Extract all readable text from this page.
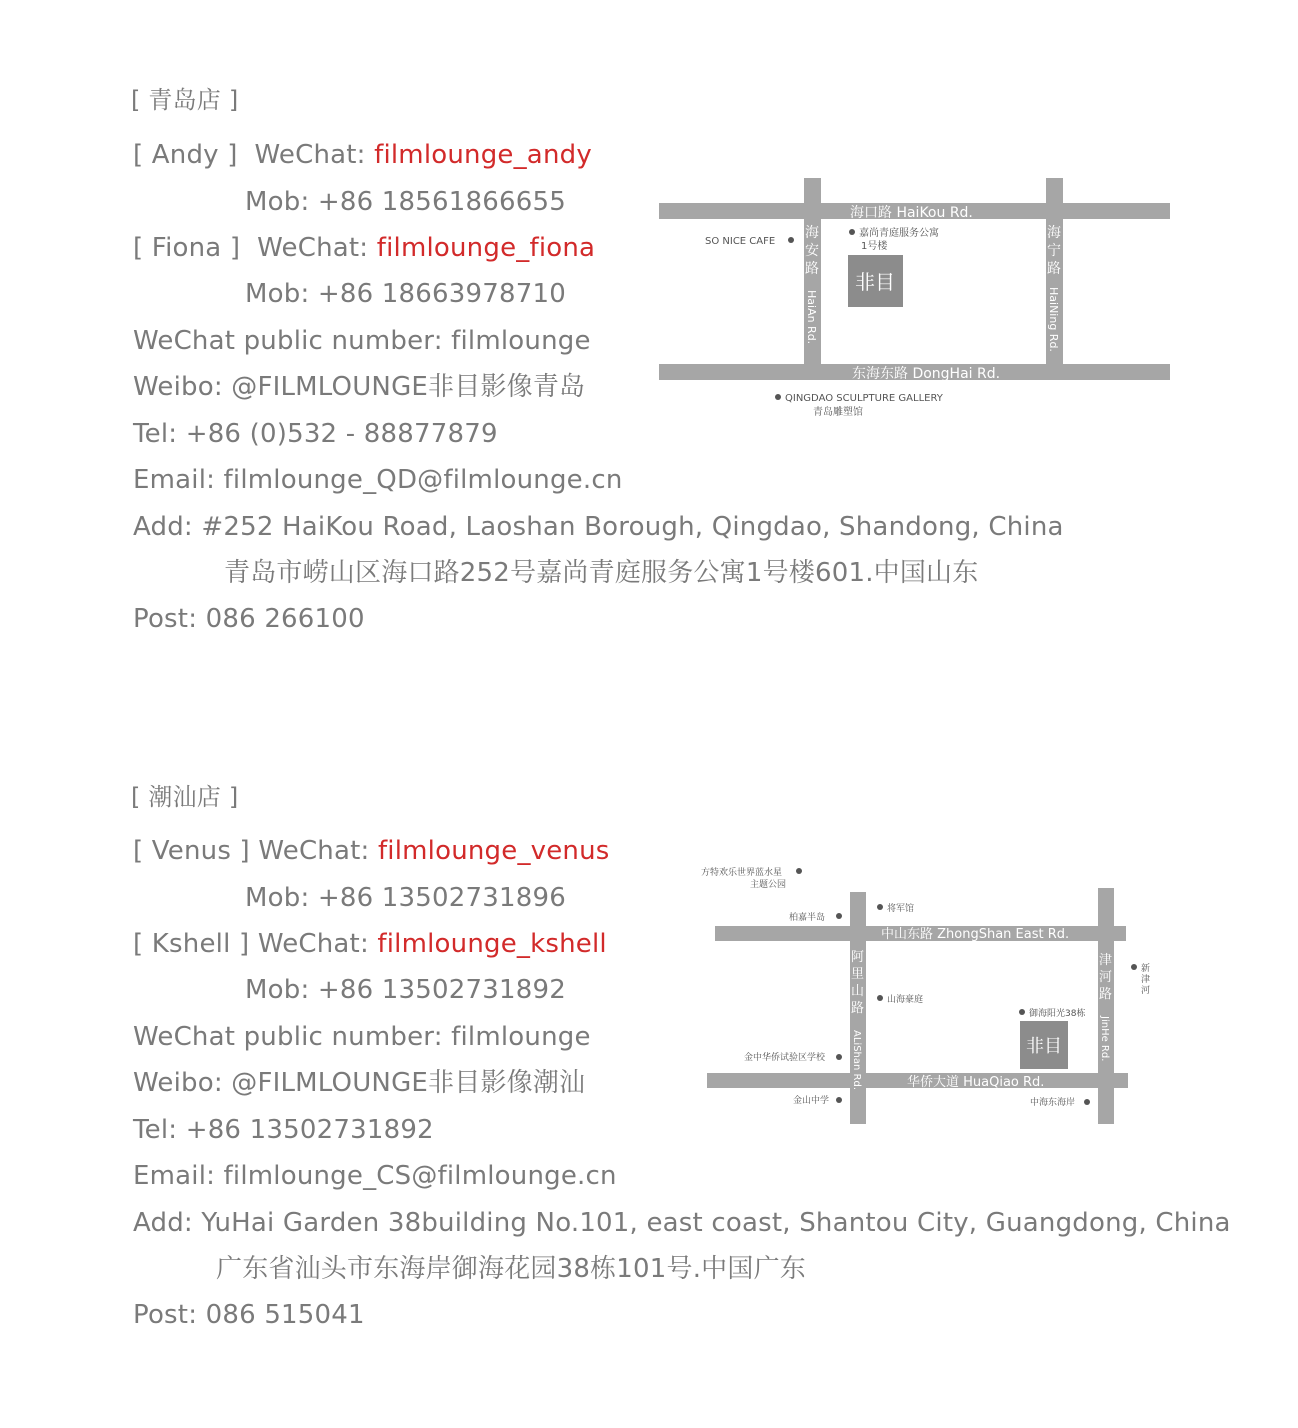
[ 青岛店 ]
[ Andy ] WeChat: filmlounge_andy
Mob: +86 18561866655
[ Fiona ] WeChat: filmlounge_fiona
Mob: +86 18663978710
WeChat public number: filmlounge
Weibo: @FILMLOUNGE非目影像青岛
Tel: +86 (0)532 - 88877879
Email: filmlounge_QD@filmlounge.cn
Add: #252 HaiKou Road, Laoshan Borough, Qingdao, Shandong, China
青岛市崂山区海口路252号嘉尚青庭服务公寓1号楼601.中国山东
Post: 086 266100
海口路 HaiKou Rd.
东海东路 DongHai Rd.
海
安
路
HaiAn Rd.
海
宁
路
HaiNing Rd.
SO NICE CAFE
嘉尚青庭服务公寓
1号楼
非目
QINGDAO SCULPTURE GALLERY
青岛雕塑馆
[ 潮汕店 ]
[ Venus ] WeChat: filmlounge_venus
Mob: +86 13502731896
[ Kshell ] WeChat: filmlounge_kshell
Mob: +86 13502731892
WeChat public number: filmlounge
Weibo: @FILMLOUNGE非目影像潮汕
Tel: +86 13502731892
Email: filmlounge_CS@filmlounge.cn
Add: YuHai Garden 38building No.101, east coast, Shantou City, Guangdong, China
广东省汕头市东海岸御海花园38栋101号.中国广东
Post: 086 515041
中山东路 ZhongShan East Rd.
华侨大道 HuaQiao Rd.
阿
里
山
路
ALiShan Rd.
津
河
路
JinHe Rd.
方特欢乐世界蓝水星
主题公园
柏嘉半岛
将军馆
新
津
河
山海豪庭
御海阳光38栋
非目
金中华侨试验区学校
金山中学	中海东海岸
